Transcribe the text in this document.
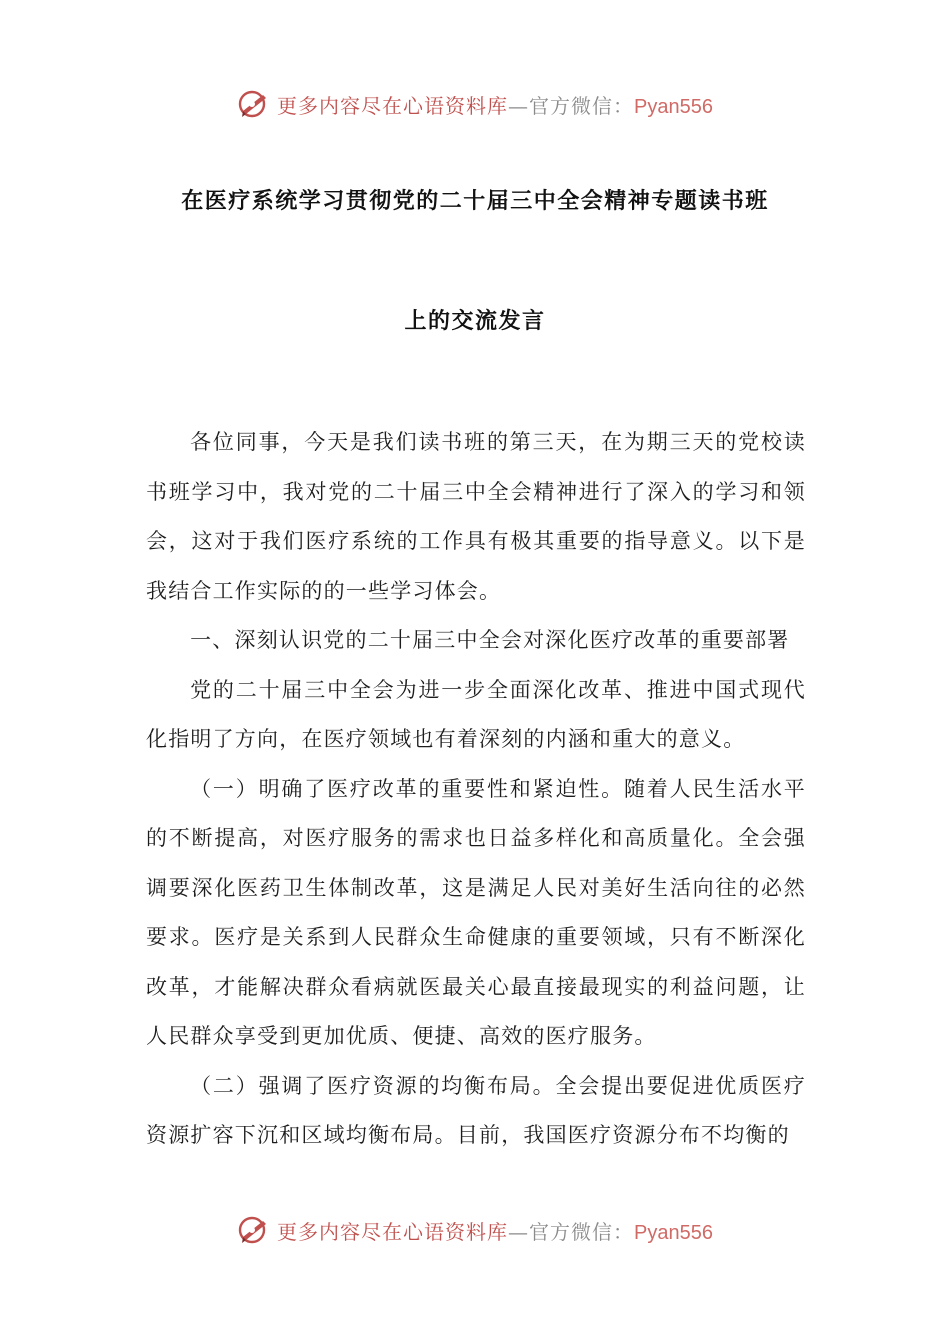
更多内容尽在心语资料库—官方微信：Pyan556
在医疗系统学习贯彻党的二十届三中全会精神专题读书班
上的交流发言

各位同事，今天是我们读书班的第三天，在为期三天的党校读书班学习中，我对党的二十届三中全会精神进行了深入的学习和领会，这对于我们医疗系统的工作具有极其重要的指导意义。以下是我结合工作实际的的一些学习体会。

一、深刻认识党的二十届三中全会对深化医疗改革的重要部署

党的二十届三中全会为进一步全面深化改革、推进中国式现代化指明了方向，在医疗领域也有着深刻的内涵和重大的意义。

（一）明确了医疗改革的重要性和紧迫性。随着人民生活水平的不断提高，对医疗服务的需求也日益多样化和高质量化。全会强调要深化医药卫生体制改革，这是满足人民对美好生活向往的必然要求。医疗是关系到人民群众生命健康的重要领域，只有不断深化改革，才能解决群众看病就医最关心最直接最现实的利益问题，让人民群众享受到更加优质、便捷、高效的医疗服务。

（二）强调了医疗资源的均衡布局。全会提出要促进优质医疗资源扩容下沉和区域均衡布局。目前，我国医疗资源分布不均衡的

更多内容尽在心语资料库—官方微信：Pyan556
